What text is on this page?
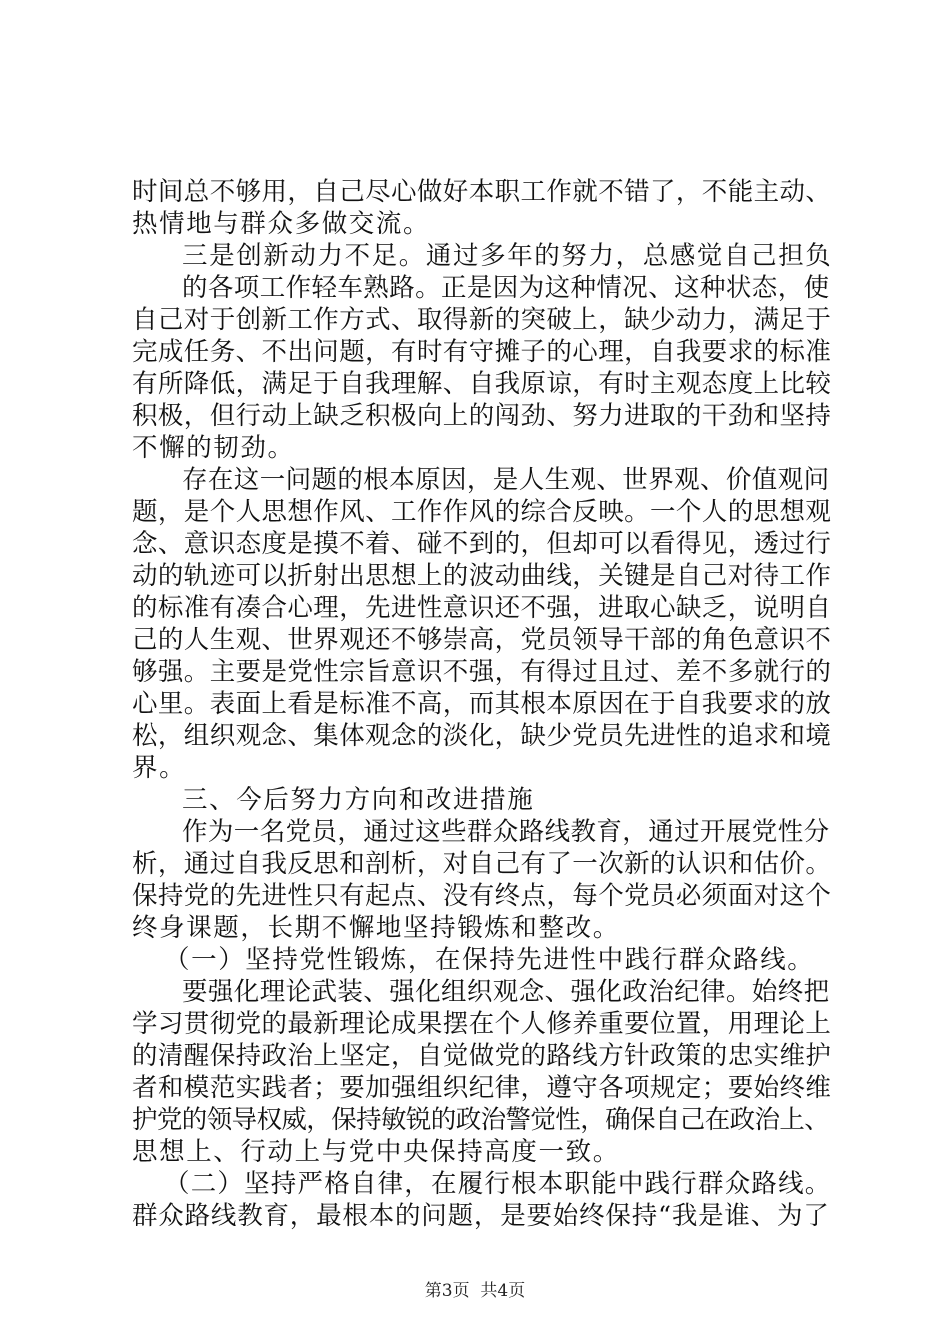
时间总不够用，自己尽心做好本职工作就不错了，不能主动、
热情地与群众多做交流。
三是创新动力不足。通过多年的努力，总感觉自己担负
的各项工作轻车熟路。正是因为这种情况、这种状态，使
自己对于创新工作方式、取得新的突破上，缺少动力，满足于
完成任务、不出问题，有时有守摊子的心理，自我要求的标准
有所降低，满足于自我理解、自我原谅，有时主观态度上比较
积极，但行动上缺乏积极向上的闯劲、努力进取的干劲和坚持
不懈的韧劲。
存在这一问题的根本原因，是人生观、世界观、价值观问
题，是个人思想作风、工作作风的综合反映。一个人的思想观
念、意识态度是摸不着、碰不到的，但却可以看得见，透过行
动的轨迹可以折射出思想上的波动曲线，关键是自己对待工作
的标准有凑合心理，先进性意识还不强，进取心缺乏，说明自
己的人生观、世界观还不够崇高，党员领导干部的角色意识不
够强。主要是党性宗旨意识不强，有得过且过、差不多就行的
心里。表面上看是标准不高，而其根本原因在于自我要求的放
松，组织观念、集体观念的淡化，缺少党员先进性的追求和境
界。
三、今后努力方向和改进措施
作为一名党员，通过这些群众路线教育，通过开展党性分
析，通过自我反思和剖析，对自己有了一次新的认识和估价。
保持党的先进性只有起点、没有终点，每个党员必须面对这个
终身课题，长期不懈地坚持锻炼和整改。
（一）坚持党性锻炼，在保持先进性中践行群众路线。
要强化理论武装、强化组织观念、强化政治纪律。始终把
学习贯彻党的最新理论成果摆在个人修养重要位置，用理论上
的清醒保持政治上坚定，自觉做党的路线方针政策的忠实维护
者和模范实践者；要加强组织纪律，遵守各项规定；要始终维
护党的领导权威，保持敏锐的政治警觉性，确保自己在政治上、
思想上、行动上与党中央保持高度一致。
（二）坚持严格自律，在履行根本职能中践行群众路线。
群众路线教育，最根本的问题，是要始终保持“我是谁、为了
第3页  共4页
